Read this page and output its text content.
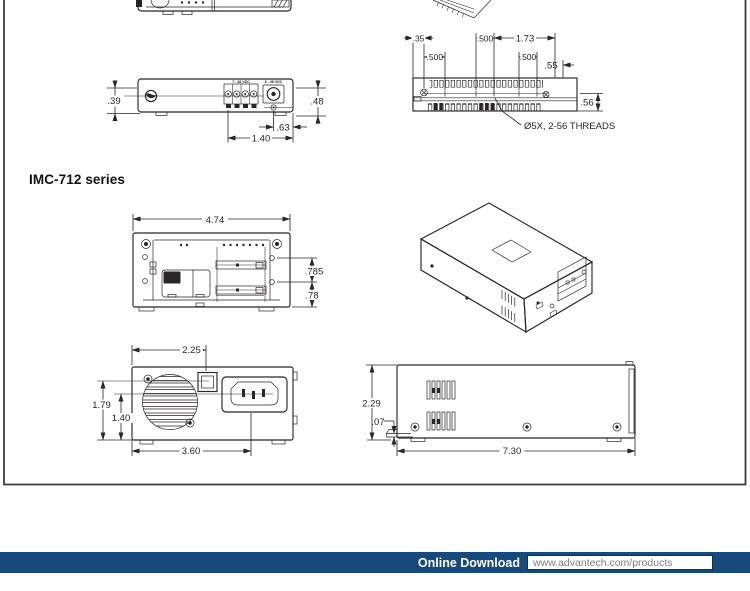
7 - 48 VDC	8 - 48 VDC
.39	.48
.63
1.40
.35	.500 1.73
.500	.500
.55
.56
Ø5X, 2-56 THREADS
4.74
.785
.78
2.25
1.79
1.40
3.60
2.29
.07
7.30
IMC-712 series
Online Download www.advantech.com/products
